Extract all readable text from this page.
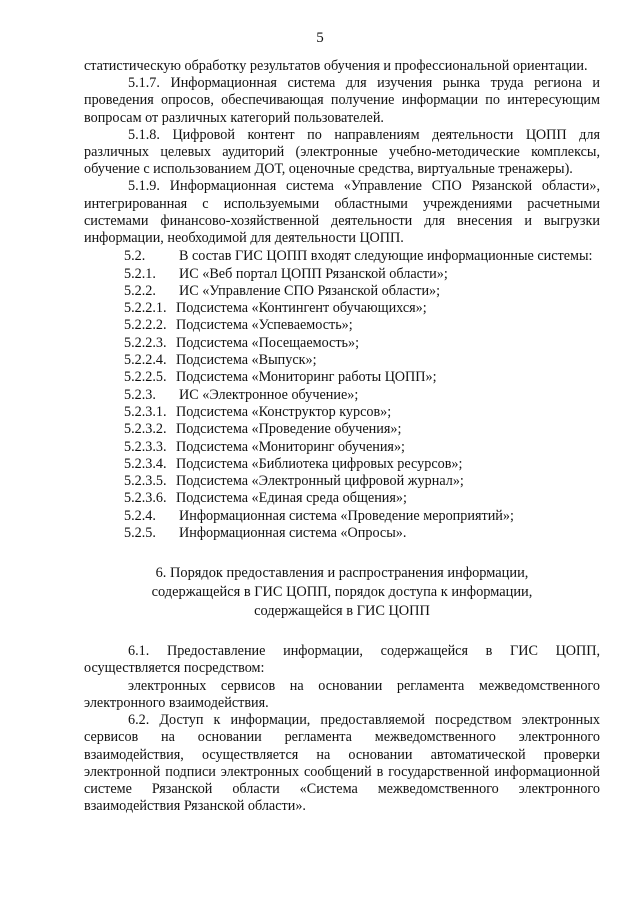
5

статистическую обработку результатов обучения и профессиональной ориентации.

5.1.7. Информационная система для изучения рынка труда региона и проведения опросов, обеспечивающая получение информации по интересующим вопросам от различных категорий пользователей.

5.1.8. Цифровой контент по направлениям деятельности ЦОПП для различных целевых аудиторий (электронные учебно-методические комплексы, обучение с использованием ДОТ, оценочные средства, виртуальные тренажеры).

5.1.9. Информационная система «Управление СПО Рязанской области», интегрированная с используемыми областными учреждениями расчетными системами финансово-хозяйственной деятельности для внесения и выгрузки информации, необходимой для деятельности ЦОПП.

5.2.	В состав ГИС ЦОПП входят следующие информационные системы:
5.2.1.	ИС «Веб портал ЦОПП Рязанской области»;
5.2.2.	ИС «Управление СПО Рязанской области»;
5.2.2.1. Подсистема «Контингент обучающихся»;
5.2.2.2. Подсистема «Успеваемость»;
5.2.2.3. Подсистема «Посещаемость»;
5.2.2.4. Подсистема «Выпуск»;
5.2.2.5. Подсистема «Мониторинг работы ЦОПП»;
5.2.3.	ИС «Электронное обучение»;
5.2.3.1. Подсистема «Конструктор курсов»;
5.2.3.2. Подсистема «Проведение обучения»;
5.2.3.3. Подсистема «Мониторинг обучения»;
5.2.3.4. Подсистема «Библиотека цифровых ресурсов»;
5.2.3.5. Подсистема «Электронный цифровой журнал»;
5.2.3.6. Подсистема «Единая среда общения»;
5.2.4.	Информационная система «Проведение мероприятий»;
5.2.5.	Информационная система «Опросы».
6. Порядок предоставления и распространения информации,
содержащейся в ГИС ЦОПП, порядок доступа к информации,
содержащейся в ГИС ЦОПП

6.1. Предоставление информации, содержащейся в ГИС ЦОПП, осуществляется посредством:

электронных сервисов на основании регламента межведомственного электронного взаимодействия.

6.2. Доступ к информации, предоставляемой посредством электронных сервисов на основании регламента межведомственного электронного взаимодействия, осуществляется на основании автоматической проверки электронной подписи электронных сообщений в государственной информационной системе Рязанской области «Система межведомственного электронного взаимодействия Рязанской области».
